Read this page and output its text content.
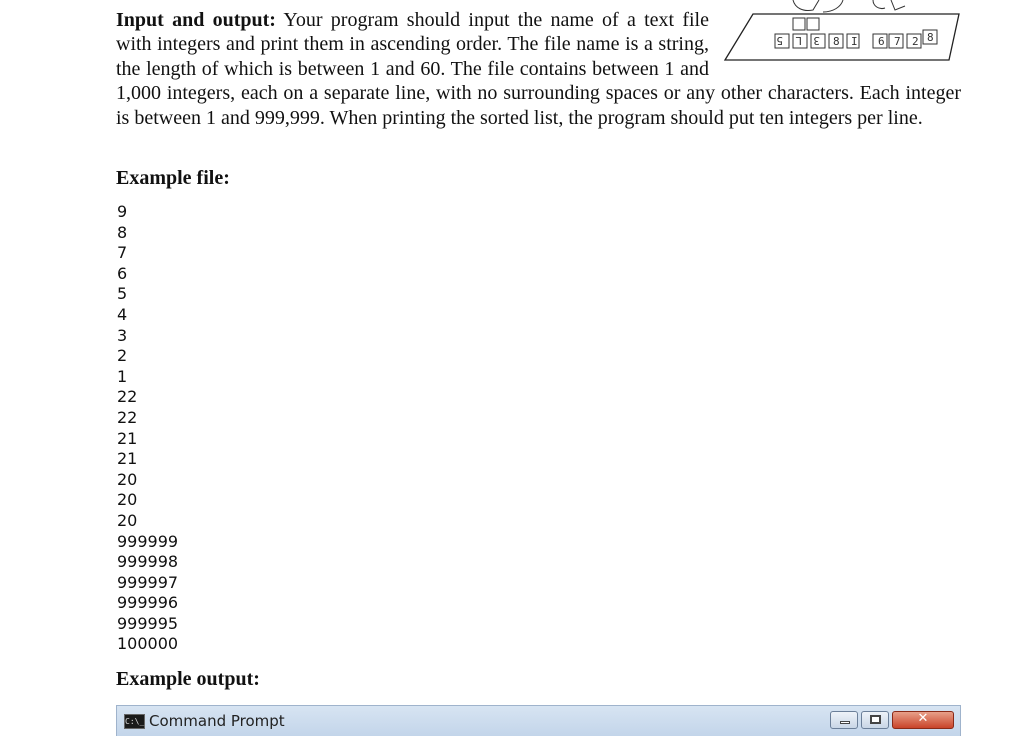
5 L 3 8 I 6 7 2 8

Input and output: Your program should input the name of a text file with integers and print them in ascending order. The file name is a string, the length of which is between 1 and 60. The file contains between 1 and 1,000 integers, each on a separate line, with no surrounding spaces or any other characters. Each integer is between 1 and 999,999. When printing the sorted list, the program should put ten integers per line.

Example file:
9
8
7
6
5
4
3
2
1
22
22
21
21
20
20
20
999999
999998
999997
999996
999995
100000
Example output:
C:\_ Command Prompt
✕
